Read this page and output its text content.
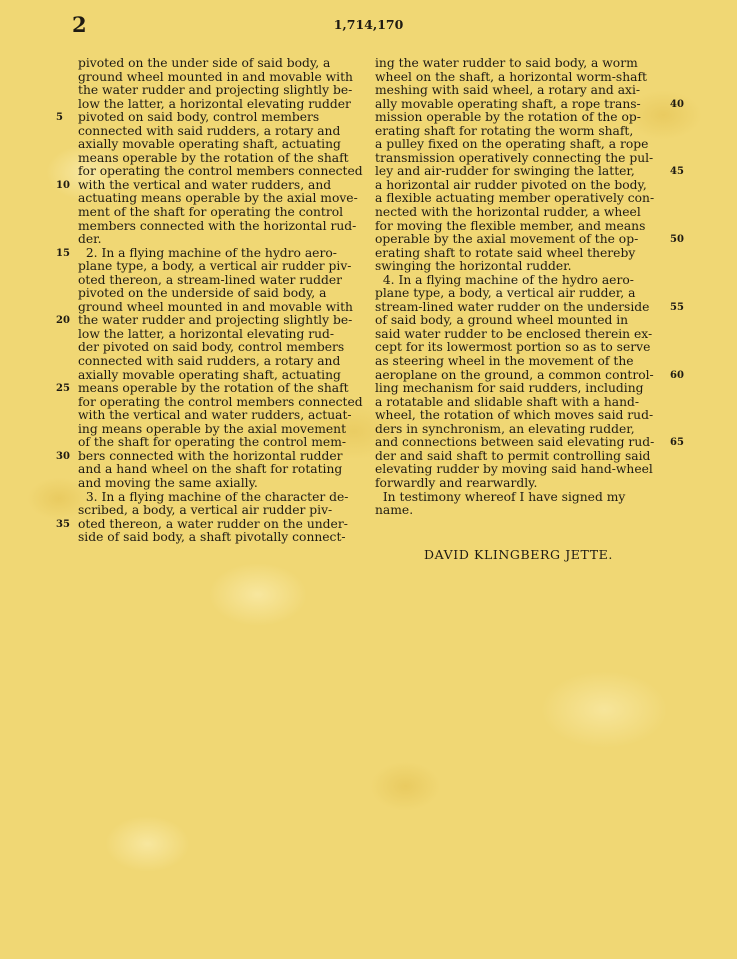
2	1,714,170
pivoted on the under side of said body, a
ground wheel mounted in and movable with
the water rudder and projecting slightly be-
low the latter, a horizontal elevating rudder
pivoted on said body, control members
connected with said rudders, a rotary and
axially movable operating shaft, actuating
means operable by the rotation of the shaft
for operating the control members connected
with the vertical and water rudders, and
actuating means operable by the axial move-
ment of the shaft for operating the control
members connected with the horizontal rud-
der.
2. In a flying machine of the hydro aero-
plane type, a body, a vertical air rudder piv-
oted thereon, a stream-lined water rudder
pivoted on the underside of said body, a
ground wheel mounted in and movable with
the water rudder and projecting slightly be-
low the latter, a horizontal elevating rud-
der pivoted on said body, control members
connected with said rudders, a rotary and
axially movable operating shaft, actuating
means operable by the rotation of the shaft
for operating the control members connected
with the vertical and water rudders, actuat-
ing means operable by the axial movement
of the shaft for operating the control mem-
bers connected with the horizontal rudder
and a hand wheel on the shaft for rotating
and moving the same axially.
3. In a flying machine of the character de-
scribed, a body, a vertical air rudder piv-
oted thereon, a water rudder on the under-
side of said body, a shaft pivotally connect-
ing the water rudder to said body, a worm
wheel on the shaft, a horizontal worm-shaft
meshing with said wheel, a rotary and axi-
ally movable operating shaft, a rope trans-
mission operable by the rotation of the op-
erating shaft for rotating the worm shaft,
a pulley fixed on the operating shaft, a rope
transmission operatively connecting the pul-
ley and air-rudder for swinging the latter,
a horizontal air rudder pivoted on the body,
a flexible actuating member operatively con-
nected with the horizontal rudder, a wheel
for moving the flexible member, and means
operable by the axial movement of the op-
erating shaft to rotate said wheel thereby
swinging the horizontal rudder.
4. In a flying machine of the hydro aero-
plane type, a body, a vertical air rudder, a
stream-lined water rudder on the underside
of said body, a ground wheel mounted in
said water rudder to be enclosed therein ex-
cept for its lowermost portion so as to serve
as steering wheel in the movement of the
aeroplane on the ground, a common control-
ling mechanism for said rudders, including
a rotatable and slidable shaft with a hand-
wheel, the rotation of which moves said rud-
ders in synchronism, an elevating rudder,
and connections between said elevating rud-
der and said shaft to permit controlling said
elevating rudder by moving said hand-wheel
forwardly and rearwardly.
In testimony whereof I have signed my
name.
5
10
15
20
25
30
35
40
45
50
55
60
65
DAVID KLINGBERG JETTE.
